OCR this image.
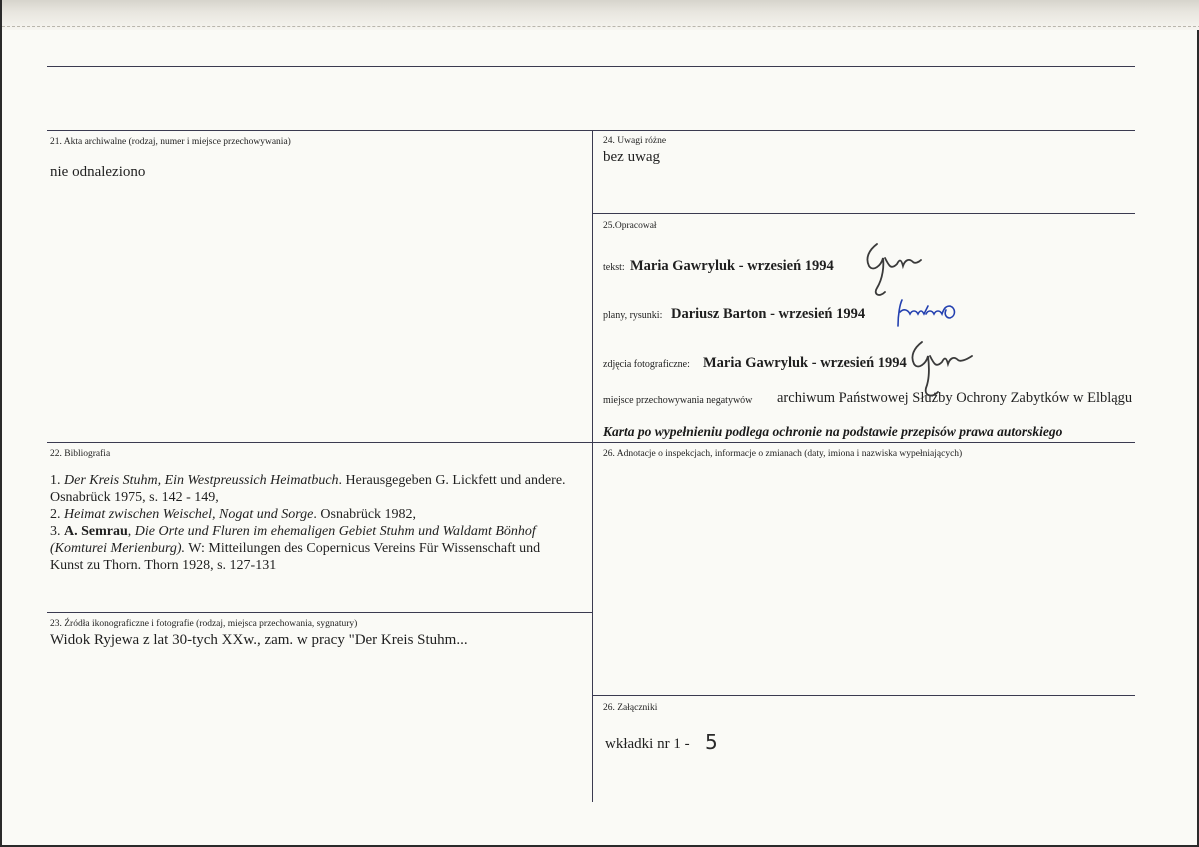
21. Akta archiwalne (rodzaj, numer i miejsce przechowywania)
nie odnaleziono
24. Uwagi różne
bez uwag
25.Opracował
tekst: Maria Gawryluk - wrzesień 1994
plany, rysunki: Dariusz Barton - wrzesień 1994
zdjęcia fotograficzne: Maria Gawryluk - wrzesień 1994
miejsce przechowywania negatywów archiwum Państwowej Służby Ochrony Zabytków w Elblągu
Karta po wypełnieniu podlega ochronie na podstawie przepisów prawa autorskiego
22. Bibliografia

1. Der Kreis Stuhm, Ein Westpreussich Heimatbuch. Herausgegeben G. Lickfett und andere.

Osnabrück 1975, s. 142 - 149,

2. Heimat zwischen Weischel, Nogat und Sorge. Osnabrück 1982,

3. A. Semrau, Die Orte und Fluren im ehemaligen Gebiet Stuhm und Waldamt Bönhof

(Komturei Merienburg). W: Mitteilungen des Copernicus Vereins Für Wissenschaft und

Kunst zu Thorn. Thorn 1928, s. 127-131

23. Źródła ikonograficzne i fotografie (rodzaj, miejsca przechowania, sygnatury)
Widok Ryjewa z lat 30-tych XXw., zam. w pracy "Der Kreis Stuhm...
26. Adnotacje o inspekcjach, informacje o zmianach (daty, imiona i nazwiska wypełniających)
26. Załączniki
wkładki nr 1 - 5
